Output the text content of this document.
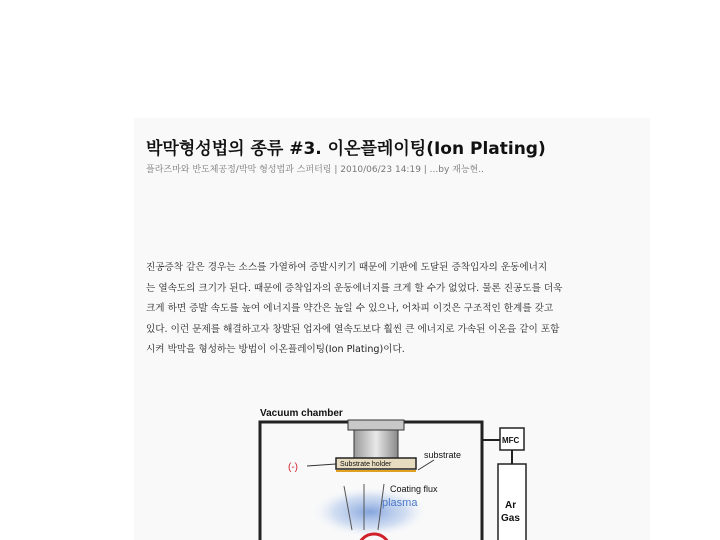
박막형성법의 종류 #3. 이온플레이팅(Ion Plating)
플라즈마와 반도체공정/박막 형성법과 스퍼터링 | 2010/06/23 14:19 | ...by 재능현..
진공증착 같은 경우는 소스를 가열하여 증발시키기 때문에 기판에 도달된 증착입자의 운동에너지
는 열속도의 크기가 된다. 때문에 증착입자의 운동에너지를 크게 할 수가 없었다. 물론 진공도를 더욱
크게 하면 증발 속도를 높여 에너지를 약간은 높일 수 있으나, 어차피 이것은 구조적인 한계를 갖고
있다. 이런 문제를 해결하고자 창발된 업자에 열속도보다 훨씬 큰 에너지로 가속된 이온을 같이 포함
시켜 박막을 형성하는 방법이 이온플레이팅(Ion Plating)이다.
Vacuum chamber
MFC
substrate
Substrate holder
(-)
Coating flux
plasma	Ar
Gas
